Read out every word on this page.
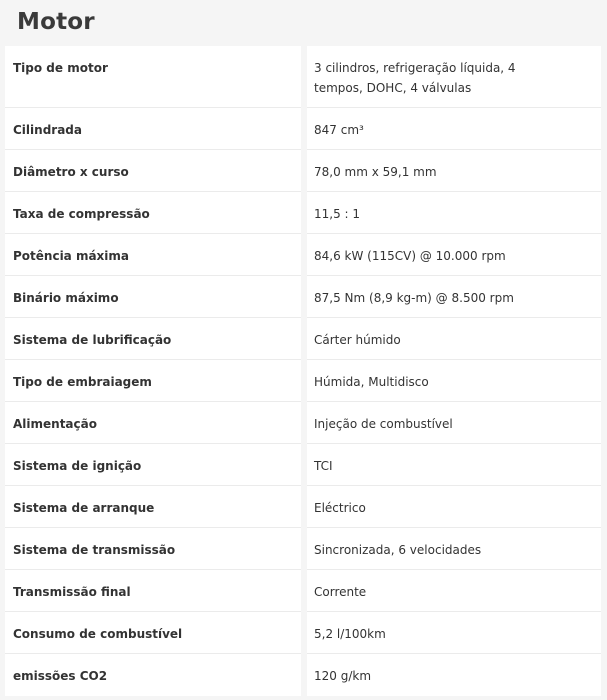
Motor
Tipo de motor	3 cilindros, refrigeração líquida, 4 tempos, DOHC, 4 válvulas
Cilindrada	847 cm³
Diâmetro x curso	78,0 mm x 59,1 mm
Taxa de compressão	11,5 : 1
Potência máxima	84,6 kW (115CV) @ 10.000 rpm
Binário máximo	87,5 Nm (8,9 kg-m) @ 8.500 rpm
Sistema de lubrificação	Cárter húmido
Tipo de embraiagem	Húmida, Multidisco
Alimentação	Injeção de combustível
Sistema de ignição	TCI
Sistema de arranque	Eléctrico
Sistema de transmissão	Sincronizada, 6 velocidades
Transmissão final	Corrente
Consumo de combustível	5,2 l/100km
emissões CO2	120 g/km
